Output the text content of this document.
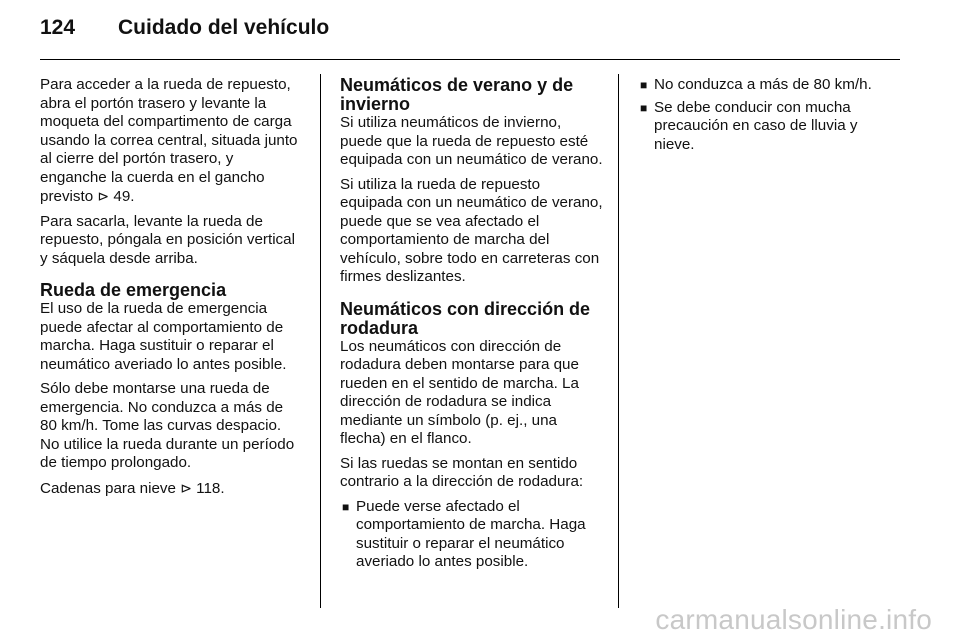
124	Cuidado del vehículo

Para acceder a la rueda de repuesto, abra el portón trasero y levante la moqueta del compartimento de carga usando la correa central, situada junto al cierre del portón trasero, y enganche la cuerda en el gancho previsto ⊳ 49.

Para sacarla, levante la rueda de repuesto, póngala en posición vertical y sáquela desde arriba.

Rueda de emergencia

El uso de la rueda de emergencia puede afectar al comportamiento de marcha. Haga sustituir o reparar el neumático averiado lo antes posible.

Sólo debe montarse una rueda de emergencia. No conduzca a más de 80 km/h. Tome las curvas despacio. No utilice la rueda durante un período de tiempo prolongado.

Cadenas para nieve ⊳ 118.

Neumáticos de verano y de invierno

Si utiliza neumáticos de invierno, puede que la rueda de repuesto esté equipada con un neumático de verano.

Si utiliza la rueda de repuesto equipada con un neumático de verano, puede que se vea afectado el comportamiento de marcha del vehículo, sobre todo en carreteras con firmes deslizantes.

Neumáticos con dirección de rodadura

Los neumáticos con dirección de rodadura deben montarse para que rueden en el sentido de marcha. La dirección de rodadura se indica mediante un símbolo (p. ej., una flecha) en el flanco.

Si las ruedas se montan en sentido contrario a la dirección de rodadura:

■ Puede verse afectado el comportamiento de marcha. Haga sustituir o reparar el neumático averiado lo antes posible.
■ No conduzca a más de 80 km/h.
■ Se debe conducir con mucha precaución en caso de lluvia y nieve.
carmanualsonline.info
